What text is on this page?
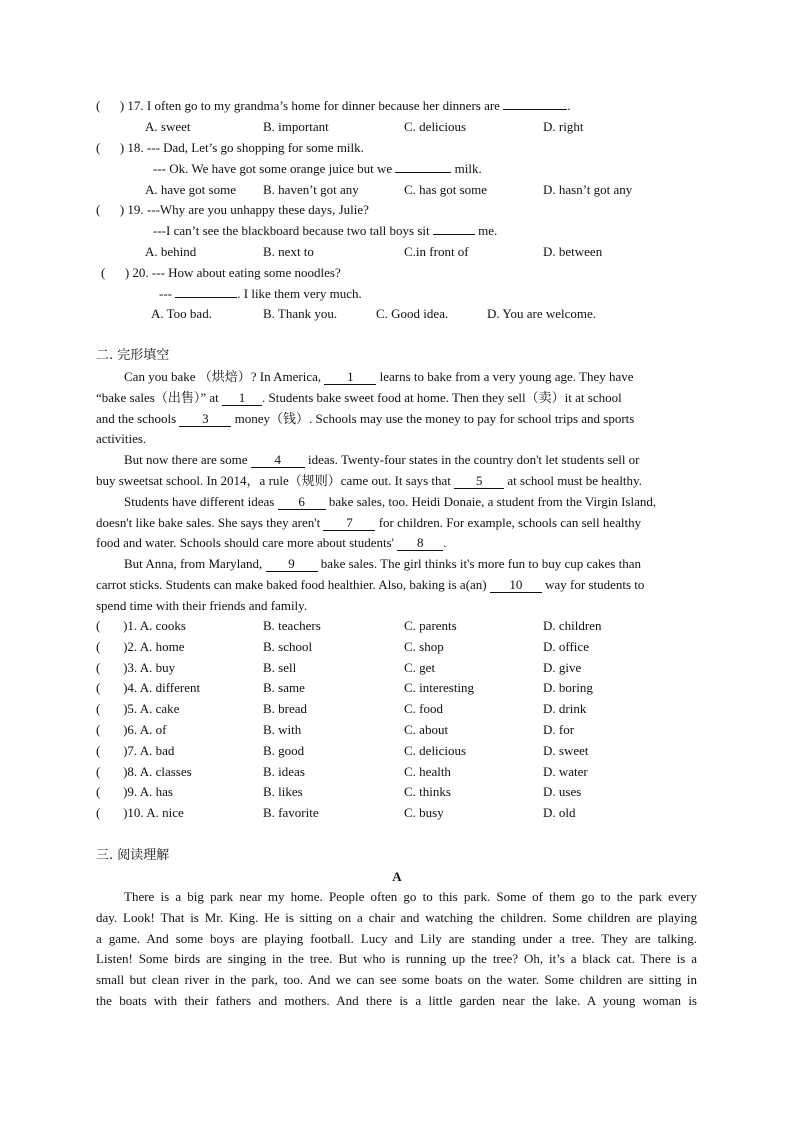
(      ) 17. I often go to my grandma’s home for dinner because her dinners are	.
A. sweet	B. important	C. delicious	D. right
(      ) 18. --- Dad, Let’s go shopping for some milk.
--- Ok. We have got some orange juice but we	milk.
A. have got some B. haven’t got any	C. has got some	D. hasn’t got any
(      ) 19. ---Why are you unhappy these days, Julie?
---I can’t see the blackboard because two tall boys sit	me.
A. behind	B. next to	C.in front of	D. between
(      ) 20. --- How about eating some noodles?
---	. I like them very much.
A. Too bad.	B. Thank you.	C. Good idea.	D. You are welcome.
二. 完形填空
Can you bake （烘焙）? In America, 1 learns to bake from a very young age. They have
“bake sales（出售）” at 1 . Students bake sweet food at home. Then they sell（卖）it at school
and the schools 3 money（钱）. Schools may use the money to pay for school trips and sports
activities.
But now there are some 4 ideas. Twenty-four states in the country don't let students sell or
buy sweetsat school. In 2014，a rule（规则）came out. It says that 5 at school must be healthy.
Students have different ideas 6 bake sales, too. Heidi Donaie, a student from the Virgin Island,
doesn't like bake sales. She says they aren't 7 for children. For example, schools can sell healthy
food and water. Schools should care more about students' 8 .
But Anna, from Maryland, 9 bake sales. The girl thinks it's more fun to buy cup cakes than
carrot sticks. Students can make baked food healthier. Also, baking is a(an) 10 way for students to
spend time with their friends and family.
(       )1. A. cooks	B. teachers	C. parents	D. children
(       )2. A. home	B. school	C. shop	D. office
(       )3. A. buy	B. sell	C. get	D. give
(       )4. A. different	B. same	C. interesting	D. boring
(       )5. A. cake	B. bread	C. food	D. drink
(       )6. A. of	B. with	C. about	D. for
(       )7. A. bad	B. good	C. delicious	D. sweet
(       )8. A. classes	B. ideas	C. health	D. water
(       )9. A. has	B. likes	C. thinks	D. uses
(       )10. A. nice	B. favorite	C. busy	D. old
三. 阅读理解
A
There is a big park near my home. People often go to this park. Some of them go to the park every
day. Look! That is Mr. King. He is sitting on a chair and watching the children. Some children are playing
a game. And some boys are playing football. Lucy and Lily are standing under a tree. They are talking.
Listen! Some birds are singing in the tree. But who is running up the tree? Oh, it’s a black cat. There is a
small but clean river in the park, too. And we can see some boats on the water. Some children are sitting in
the boats with their fathers and mothers. And there is a little garden near the lake. A young woman is
